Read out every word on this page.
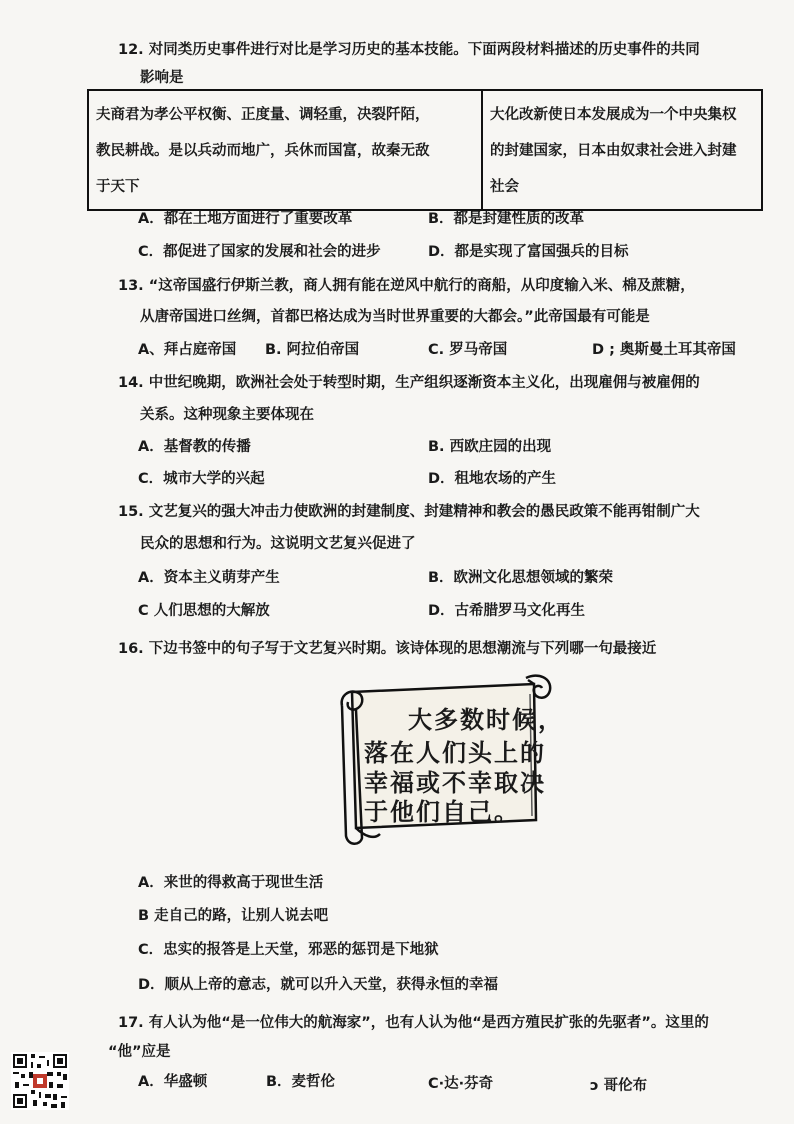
12. 对同类历史事件进行对比是学习历史的基本技能。下面两段材料描述的历史事件的共同
影响是
夫商君为孝公平权衡、正度量、调轻重，决裂阡陌，
教民耕战。是以兵动而地广，兵休而国富，故秦无敌
于天下

大化改新使日本发展成为一个中央集权
的封建国家，日本由奴隶社会进入封建
社会
A．都在土地方面进行了重要改革	B．都是封建性质的改革
C．都促进了国家的发展和社会的进步	D．都是实现了富国强兵的目标
13. “这帝国盛行伊斯兰教，商人拥有能在逆风中航行的商船，从印度输入米、棉及蔗糖，
从唐帝国进口丝绸，首都巴格达成为当时世界重要的大都会。”此帝国最有可能是
A、拜占庭帝国 B. 阿拉伯帝国	C. 罗马帝国	D ; 奥斯曼土耳其帝国
14. 中世纪晚期，欧洲社会处于转型时期，生产组织逐渐资本主义化，出现雇佣与被雇佣的
关系。这种现象主要体现在
A．基督教的传播	B. 西欧庄园的出现
C．城市大学的兴起	D．租地农场的产生
15. 文艺复兴的强大冲击力使欧洲的封建制度、封建精神和教会的愚民政策不能再钳制广大
民众的思想和行为。这说明文艺复兴促进了
A．资本主义萌芽产生	B．欧洲文化思想领域的繁荣
C 人们思想的大解放	D．古希腊罗马文化再生
16. 下边书签中的句子写于文艺复兴时期。该诗体现的思想潮流与下列哪一句最接近
大多数时候，
落在人们头上的
幸福或不幸取决
于他们自己。
A．来世的得救高于现世生活
B 走自己的路，让别人说去吧
C．忠实的报答是上天堂，邪恶的惩罚是下地狱
D．顺从上帝的意志，就可以升入天堂，获得永恒的幸福
17. 有人认为他“是一位伟大的航海家”，也有人认为他“是西方殖民扩张的先驱者”。这里的
“他”应是
A．华盛顿	B．麦哲伦	C·达·芬奇	ↄ 哥伦布
